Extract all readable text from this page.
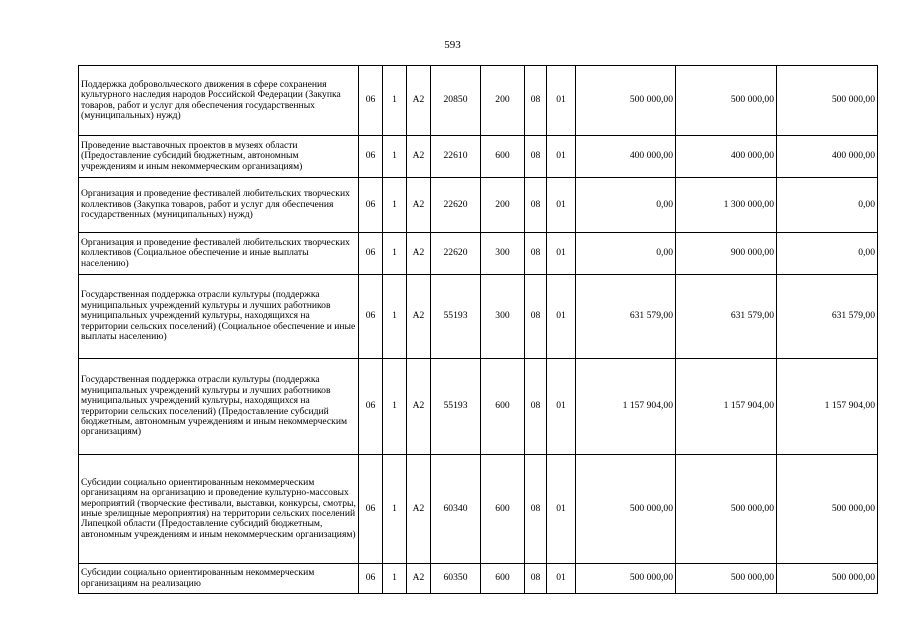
593
Поддержка добровольческого движения в сфере сохранения культурного наследия народов Российской Федерации (Закупка товаров, работ и услуг для обеспечения государственных (муниципальных) нужд)	06	1	А2	20850	200	08	01	500 000,00	500 000,00	500 000,00
Проведение выставочных проектов в музеях области (Предоставление субсидий бюджетным, автономным учреждениям и иным некоммерческим организациям)	06	1	А2	22610	600	08	01	400 000,00	400 000,00	400 000,00
Организация и проведение фестивалей любительских творческих коллективов (Закупка товаров, работ и услуг для обеспечения государственных (муниципальных) нужд)	06	1	А2	22620	200	08	01	0,00	1 300 000,00	0,00
Организация и проведение фестивалей любительских творческих коллективов (Социальное обеспечение и иные выплаты населению)	06	1	А2	22620	300	08	01	0,00	900 000,00	0,00
Государственная поддержка отрасли культуры (поддержка муниципальных учреждений культуры и лучших работников муниципальных учреждений культуры, находящихся на территории сельских поселений) (Социальное обеспечение и иные выплаты населению)	06	1	А2	55193	300	08	01	631 579,00	631 579,00	631 579,00
Государственная поддержка отрасли культуры (поддержка муниципальных учреждений культуры и лучших работников муниципальных учреждений культуры, находящихся на территории сельских поселений) (Предоставление субсидий бюджетным, автономным учреждениям и иным некоммерческим организациям)	06	1	А2	55193	600	08	01	1 157 904,00	1 157 904,00	1 157 904,00
Субсидии социально ориентированным некоммерческим организациям на организацию и проведение культурно-массовых мероприятий (творческие фестивали, выставки, конкурсы, смотры, иные зрелищные мероприятия) на территории сельских поселений Липецкой области (Предоставление субсидий бюджетным, автономным учреждениям и иным некоммерческим организациям)	06	1	А2	60340	600	08	01	500 000,00	500 000,00	500 000,00
Субсидии социально ориентированным некоммерческим организациям на реализацию	06	1	А2	60350	600	08	01	500 000,00	500 000,00	500 000,00
